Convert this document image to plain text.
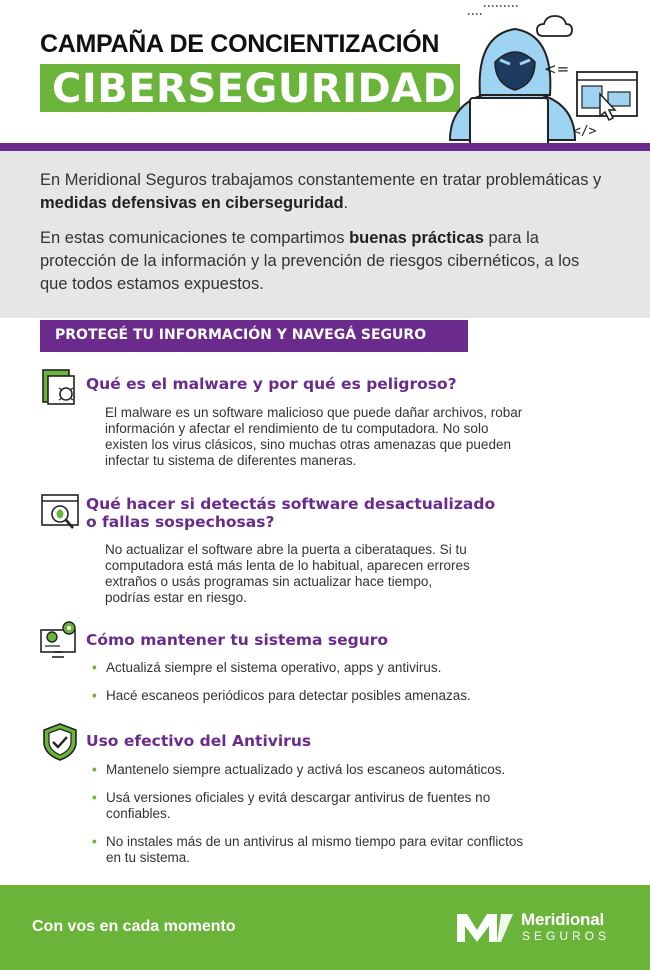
CAMPAÑA DE CONCIENTIZACIÓN
CIBERSEGURIDAD	<=
</>

En Meridional Seguros trabajamos constantemente en tratar problemáticas y medidas defensivas en ciberseguridad.

En estas comunicaciones te compartimos buenas prácticas para la protección de la información y la prevención de riesgos cibernéticos, a los que todos estamos expuestos.

PROTEGÉ TU INFORMACIÓN Y NAVEGÁ SEGURO
Qué es el malware y por qué es peligroso?
El malware es un software malicioso que puede dañar archivos, robar
información y afectar el rendimiento de tu computadora. No solo
existen los virus clásicos, sino muchas otras amenazas que pueden
infectar tu sistema de diferentes maneras.
Qué hacer si detectás software desactualizado
o fallas sospechosas?
No actualizar el software abre la puerta a ciberataques. Si tu
computadora está más lenta de lo habitual, aparecen errores
extraños o usás programas sin actualizar hace tiempo,
podrías estar en riesgo.
Cómo mantener tu sistema seguro
• Actualizá siempre el sistema operativo, apps y antivirus.
• Hacé escaneos periódicos para detectar posibles amenazas.
Uso efectivo del Antivirus
• Mantenelo siempre actualizado y activá los escaneos automáticos.
• Usá versiones oficiales y evitá descargar antivirus de fuentes no
confiables.
• No instales más de un antivirus al mismo tiempo para evitar conflictos
en tu sistema.
Con vos en cada momento	Meridional
SEGUROS
